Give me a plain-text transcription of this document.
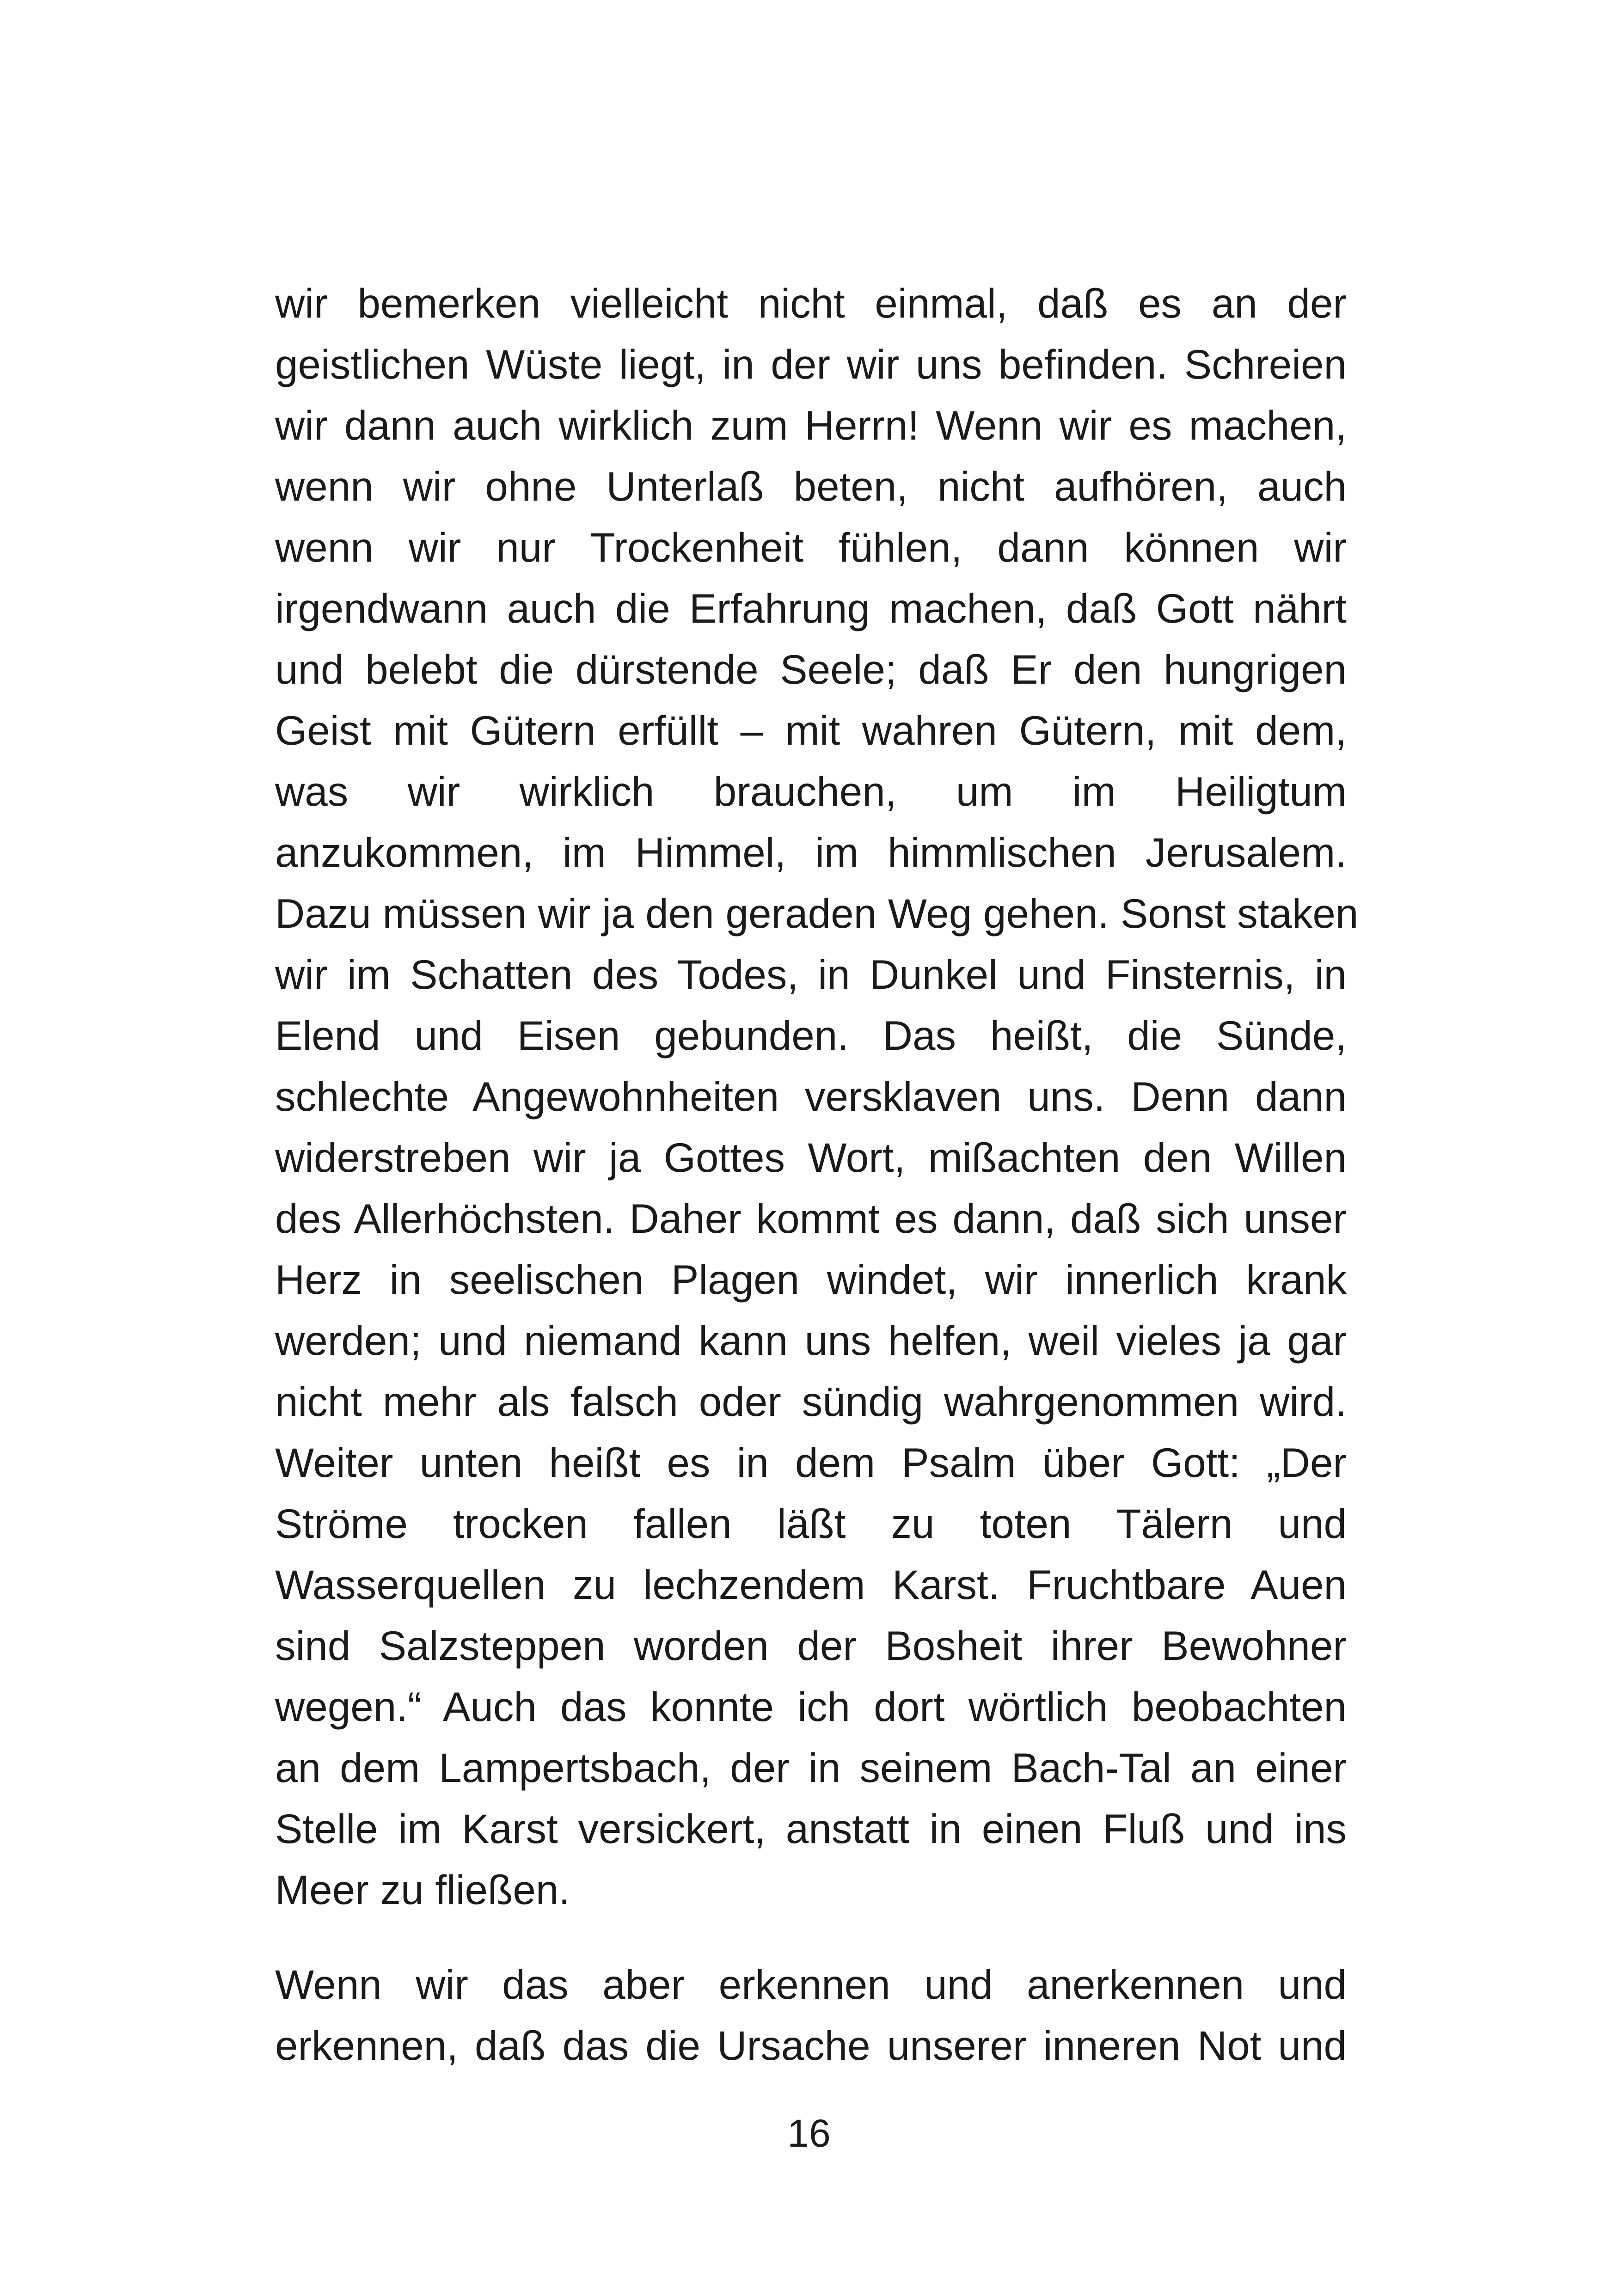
wir bemerken vielleicht nicht einmal, daß es an der
geistlichen Wüste liegt, in der wir uns befinden. Schreien
wir dann auch wirklich zum Herrn! Wenn wir es machen,
wenn wir ohne Unterlaß beten, nicht aufhören, auch
wenn wir nur Trockenheit fühlen, dann können wir
irgendwann auch die Erfahrung machen, daß Gott nährt
und belebt die dürstende Seele; daß Er den hungrigen
Geist mit Gütern erfüllt – mit wahren Gütern, mit dem,
was wir wirklich brauchen, um im Heiligtum
anzukommen, im Himmel, im himmlischen Jerusalem.
Dazu müssen wir ja den geraden Weg gehen. Sonst staken
wir im Schatten des Todes, in Dunkel und Finsternis, in
Elend und Eisen gebunden. Das heißt, die Sünde,
schlechte Angewohnheiten versklaven uns. Denn dann
widerstreben wir ja Gottes Wort, mißachten den Willen
des Allerhöchsten. Daher kommt es dann, daß sich unser
Herz in seelischen Plagen windet, wir innerlich krank
werden; und niemand kann uns helfen, weil vieles ja gar
nicht mehr als falsch oder sündig wahrgenommen wird.
Weiter unten heißt es in dem Psalm über Gott: „Der
Ströme trocken fallen läßt zu toten Tälern und
Wasserquellen zu lechzendem Karst. Fruchtbare Auen
sind Salzsteppen worden der Bosheit ihrer Bewohner
wegen.“ Auch das konnte ich dort wörtlich beobachten
an dem Lampertsbach, der in seinem Bach-Tal an einer
Stelle im Karst versickert, anstatt in einen Fluß und ins
Meer zu fließen.
Wenn wir das aber erkennen und anerkennen und
erkennen, daß das die Ursache unserer inneren Not und
16
